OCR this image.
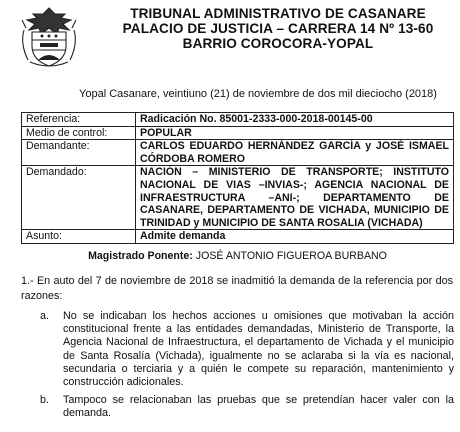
TRIBUNAL ADMINISTRATIVO DE CASANARE
PALACIO DE JUSTICIA – CARRERA 14 Nº 13-60
BARRIO COROCORA-YOPAL
Yopal Casanare, veintiuno (21) de noviembre de dos mil dieciocho (2018)
Referencia:	Radicación No. 85001-2333-000-2018-00145-00
Medio de control:	POPULAR
Demandante:	CARLOS EDUARDO HERNÁNDEZ GARCÍA y JOSÉ ISMAEL CÓRDOBA ROMERO
Demandado:	NACIÓN – MINISTERIO DE TRANSPORTE; INSTITUTO NACIONAL DE VIAS –INVIAS-; AGENCIA NACIONAL DE INFRAESTRUCTURA –ANI-; DEPARTAMENTO DE CASANARE, DEPARTAMENTO DE VICHADA, MUNICIPIO DE TRINIDAD y MUNICIPIO DE SANTA ROSALIA (VICHADA)
Asunto:	Admite demanda
Magistrado Ponente: JOSÉ ANTONIO FIGUEROA BURBANO
1.- En auto del 7 de noviembre de 2018 se inadmitió la demanda de la referencia por dos razones:
a. No se indicaban los hechos acciones u omisiones que motivaban la acción constitucional frente a las entidades demandadas, Ministerio de Transporte, la Agencia Nacional de Infraestructura, el departamento de Vichada y el municipio de Santa Rosalía (Vichada), igualmente no se aclaraba si la vía es nacional, secundaria o terciaria y a quién le compete su reparación, mantenimiento y construcción adicionales.
b. Tampoco se relacionaban las pruebas que se pretendían hacer valer con la demanda.
